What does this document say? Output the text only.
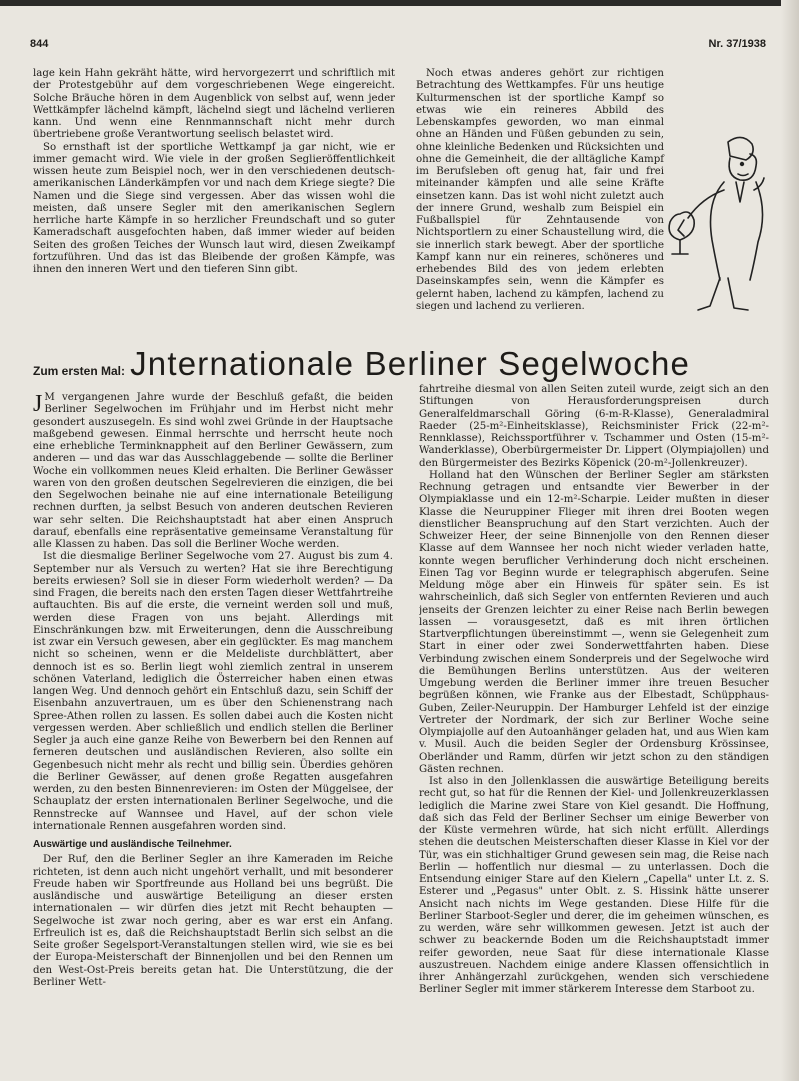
844	Nr. 37/1938

lage kein Hahn gekräht hätte, wird hervorgezerrt und schriftlich mit der Protestgebühr auf dem vorgeschriebenen Wege eingereicht. Solche Bräuche hören in dem Augenblick von selbst auf, wenn jeder Wettkämpfer lächelnd kämpft, lächelnd siegt und lächelnd verlieren kann. Und wenn eine Rennmannschaft nicht mehr durch übertriebene große Verantwortung seelisch belastet wird.

So ernsthaft ist der sportliche Wettkampf ja gar nicht, wie er immer gemacht wird. Wie viele in der großen Seglieröffentlichkeit wissen heute zum Beispiel noch, wer in den verschiedenen deutsch-amerikanischen Länderkämpfen vor und nach dem Kriege siegte? Die Namen und die Siege sind vergessen. Aber das wissen wohl die meisten, daß unsere Segler mit den amerikanischen Seglern herrliche harte Kämpfe in so herzlicher Freundschaft und so guter Kameradschaft ausgefochten haben, daß immer wieder auf beiden Seiten des großen Teiches der Wunsch laut wird, diesen Zweikampf fortzuführen. Und das ist das Bleibende der großen Kämpfe, was ihnen den inneren Wert und den tieferen Sinn gibt.

Noch etwas anderes gehört zur richtigen Betrachtung des Wettkampfes. Für uns heutige Kulturmenschen ist der sportliche Kampf so etwas wie ein reineres Abbild des Lebenskampfes geworden, wo man einmal ohne an Händen und Füßen gebunden zu sein, ohne kleinliche Bedenken und Rücksichten und ohne die Gemeinheit, die der alltägliche Kampf im Berufsleben oft genug hat, fair und frei miteinander kämpfen und alle seine Kräfte einsetzen kann. Das ist wohl nicht zuletzt auch der innere Grund, weshalb zum Beispiel ein Fußballspiel für Zehntausende von Nichtsportlern zu einer Schaustellung wird, die sie innerlich stark bewegt. Aber der sportliche Kampf kann nur ein reineres, schöneres und erhebendes Bild des von jedem erlebten Daseinskampfes sein, wenn die Kämpfer es gelernt haben, lachend zu kämpfen, lachend zu siegen und lachend zu verlieren.

Zum ersten Mal: Jnternationale Berliner Segelwoche

J M vergangenen Jahre wurde der Beschluß gefaßt, die beiden Berliner Segelwochen im Frühjahr und im Herbst nicht mehr gesondert auszusegeln. Es sind wohl zwei Gründe in der Hauptsache maßgebend gewesen. Einmal herrschte und herrscht heute noch eine erhebliche Terminknappheit auf den Berliner Gewässern, zum anderen — und das war das Ausschlaggebende — sollte die Berliner Woche ein vollkommen neues Kleid erhalten. Die Berliner Gewässer waren von den großen deutschen Segelrevieren die einzigen, die bei den Segelwochen beinahe nie auf eine internationale Beteiligung rechnen durften, ja selbst Besuch von anderen deutschen Revieren war sehr selten. Die Reichshauptstadt hat aber einen Anspruch darauf, ebenfalls eine repräsentative gemeinsame Veranstaltung für alle Klassen zu haben. Das soll die Berliner Woche werden.

Ist die diesmalige Berliner Segelwoche vom 27. August bis zum 4. September nur als Versuch zu werten? Hat sie ihre Berechtigung bereits erwiesen? Soll sie in dieser Form wiederholt werden? — Da sind Fragen, die bereits nach den ersten Tagen dieser Wettfahrtreihe auftauchten. Bis auf die erste, die verneint werden soll und muß, werden diese Fragen von uns bejaht. Allerdings mit Einschränkungen bzw. mit Erweiterungen, denn die Ausschreibung ist zwar ein Versuch gewesen, aber ein geglückter. Es mag manchem nicht so scheinen, wenn er die Meldeliste durchblättert, aber dennoch ist es so. Berlin liegt wohl ziemlich zentral in unserem schönen Vaterland, lediglich die Österreicher haben einen etwas langen Weg. Und dennoch gehört ein Entschluß dazu, sein Schiff der Eisenbahn anzuvertrauen, um es über den Schienenstrang nach Spree-Athen rollen zu lassen. Es sollen dabei auch die Kosten nicht vergessen werden. Aber schließlich und endlich stellen die Berliner Segler ja auch eine ganze Reihe von Bewerbern bei den Rennen auf ferneren deutschen und ausländischen Revieren, also sollte ein Gegenbesuch nicht mehr als recht und billig sein. Überdies gehören die Berliner Gewässer, auf denen große Regatten ausgefahren werden, zu den besten Binnenrevieren: im Osten der Müggelsee, der Schauplatz der ersten internationalen Berliner Segelwoche, und die Rennstrecke auf Wannsee und Havel, auf der schon viele internationale Rennen ausgefahren worden sind.

Auswärtige und ausländische Teilnehmer.

Der Ruf, den die Berliner Segler an ihre Kameraden im Reiche richteten, ist denn auch nicht ungehört verhallt, und mit besonderer Freude haben wir Sportfreunde aus Holland bei uns begrüßt. Die ausländische und auswärtige Beteiligung an dieser ersten internationalen — wir dürfen dies jetzt mit Recht behaupten — Segelwoche ist zwar noch gering, aber es war erst ein Anfang. Erfreulich ist es, daß die Reichshauptstadt Berlin sich selbst an die Seite großer Segelsport-Veranstaltungen stellen wird, wie sie es bei der Europa-Meisterschaft der Binnenjollen und bei den Rennen um den West-Ost-Preis bereits getan hat. Die Unterstützung, die der Berliner Wett-

fahrtreihe diesmal von allen Seiten zuteil wurde, zeigt sich an den Stiftungen von Herausforderungspreisen durch Generalfeldmarschall Göring (6-m-R-Klasse), Generaladmiral Raeder (25-m²-Einheitsklasse), Reichsminister Frick (22-m²-Rennklasse), Reichssportführer v. Tschammer und Osten (15-m²-Wanderklasse), Oberbürgermeister Dr. Lippert (Olympiajollen) und den Bürgermeister des Bezirks Köpenick (20-m²-Jollenkreuzer).

Holland hat den Wünschen der Berliner Segler am stärksten Rechnung getragen und entsandte vier Bewerber in der Olympiaklasse und ein 12-m²-Scharpie. Leider mußten in dieser Klasse die Neuruppiner Flieger mit ihren drei Booten wegen dienstlicher Beanspruchung auf den Start verzichten. Auch der Schweizer Heer, der seine Binnenjolle von den Rennen dieser Klasse auf dem Wannsee her noch nicht wieder verladen hatte, konnte wegen beruflicher Verhinderung doch nicht erscheinen. Einen Tag vor Beginn wurde er telegraphisch abgerufen. Seine Meldung möge aber ein Hinweis für später sein. Es ist wahrscheinlich, daß sich Segler von entfernten Revieren und auch jenseits der Grenzen leichter zu einer Reise nach Berlin bewegen lassen — vorausgesetzt, daß es mit ihren örtlichen Startverpflichtungen übereinstimmt —, wenn sie Gelegenheit zum Start in einer oder zwei Sonderwettfahrten haben. Diese Verbindung zwischen einem Sonderpreis und der Segelwoche wird die Bemühungen Berlins unterstützen. Aus der weiteren Umgebung werden die Berliner immer ihre treuen Besucher begrüßen können, wie Franke aus der Elbestadt, Schüpphaus-Guben, Zeiler-Neuruppin. Der Hamburger Lehfeld ist der einzige Vertreter der Nordmark, der sich zur Berliner Woche seine Olympiajolle auf den Autoanhänger geladen hat, und aus Wien kam v. Musil. Auch die beiden Segler der Ordensburg Krössinsee, Oberländer und Ramm, dürfen wir jetzt schon zu den ständigen Gästen rechnen.

Ist also in den Jollenklassen die auswärtige Beteiligung bereits recht gut, so hat für die Rennen der Kiel- und Jollenkreuzerklassen lediglich die Marine zwei Stare von Kiel gesandt. Die Hoffnung, daß sich das Feld der Berliner Sechser um einige Bewerber von der Küste vermehren würde, hat sich nicht erfüllt. Allerdings stehen die deutschen Meisterschaften dieser Klasse in Kiel vor der Tür, was ein stichhaltiger Grund gewesen sein mag, die Reise nach Berlin — hoffentlich nur diesmal — zu unterlassen. Doch die Entsendung einiger Stare auf den Kielern „Capella" unter Lt. z. S. Esterer und „Pegasus" unter Oblt. z. S. Hissink hätte unserer Ansicht nach nichts im Wege gestanden. Diese Hilfe für die Berliner Starboot-Segler und derer, die im geheimen wünschen, es zu werden, wäre sehr willkommen gewesen. Jetzt ist auch der schwer zu beackernde Boden um die Reichshauptstadt immer reifer geworden, neue Saat für diese internationale Klasse auszustreuen. Nachdem einige andere Klassen offensichtlich in ihrer Anhängerzahl zurückgehen, wenden sich verschiedene Berliner Segler mit immer stärkerem Interesse dem Starboot zu.
